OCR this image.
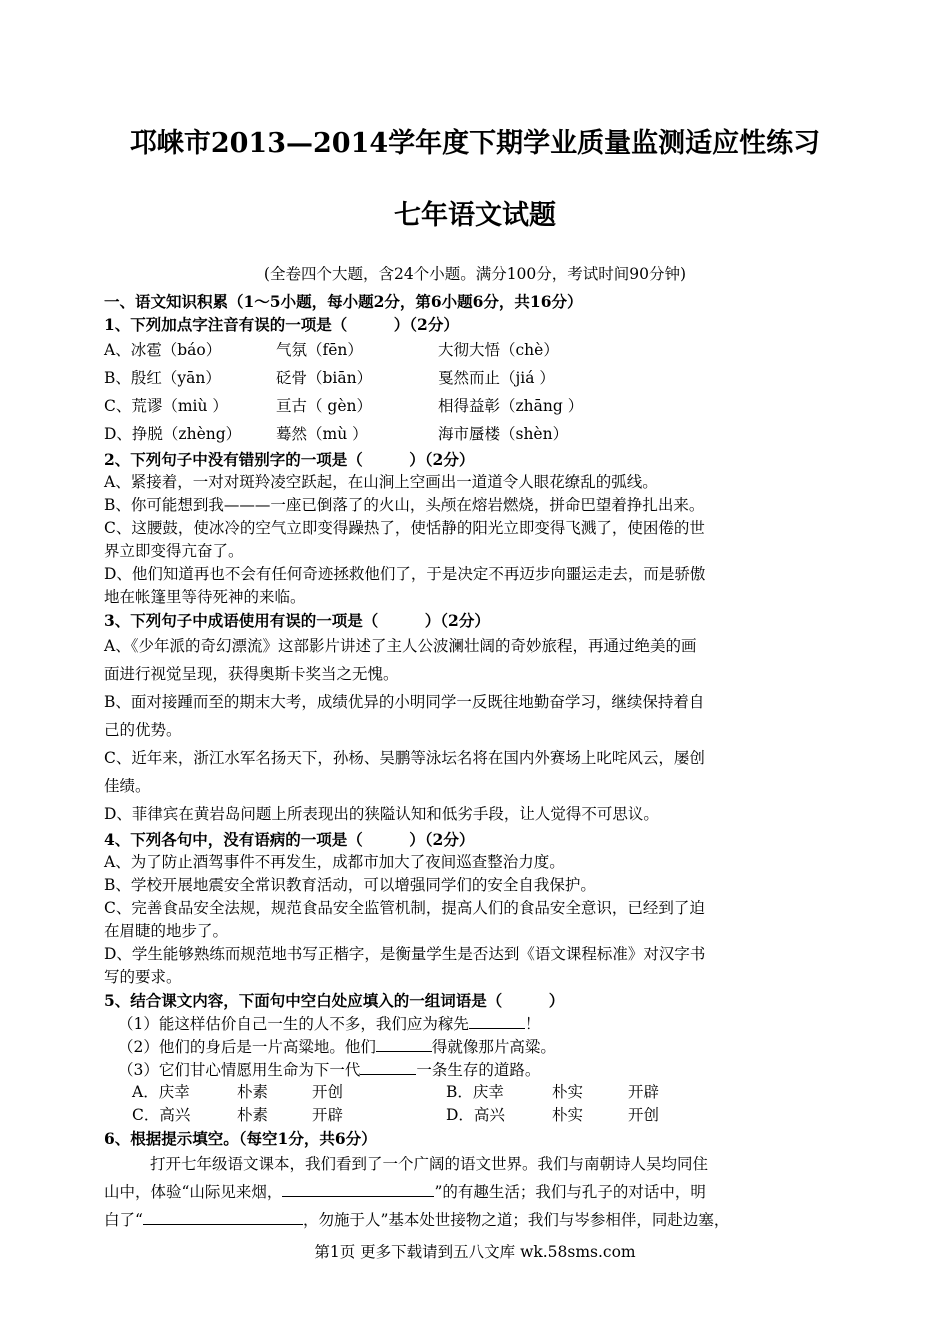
邛崃市2013—2014学年度下期学业质量监测适应性练习
七年语文试题
(全卷四个大题，含24个小题。满分100分，考试时间90分钟)
一、语文知识积累（1～5小题，每小题2分，第6小题6分，共16分）
1、下列加点字注音有误的一项是（　　　）（2分）
A、冰雹（báo）	气氛（fēn）	大彻大悟（chè）
B、殷红（yān）	砭骨（biān）	戛然而止（jiá ）
C、荒谬（miù ）	亘古（ gèn）	相得益彰（zhāng ）
D、挣脱（zhèng）	蓦然（mù ）	海市蜃楼（shèn）
2、下列句子中没有错别字的一项是（　　　）（2分）
A、紧接着，一对对斑羚凌空跃起，在山涧上空画出一道道令人眼花缭乱的弧线。
B、你可能想到我———一座已倒落了的火山，头颅在熔岩燃烧，拼命巴望着挣扎出来。
C、这腰鼓，使冰冷的空气立即变得躁热了，使恬静的阳光立即变得飞溅了，使困倦的世
界立即变得亢奋了。
D、他们知道再也不会有任何奇迹拯救他们了，于是决定不再迈步向噩运走去，而是骄傲
地在帐篷里等待死神的来临。
3、下列句子中成语使用有误的一项是（　　　）（2分）
A、《少年派的奇幻漂流》这部影片讲述了主人公波澜壮阔的奇妙旅程，再通过绝美的画
面进行视觉呈现，获得奥斯卡奖当之无愧。
B、面对接踵而至的期末大考，成绩优异的小明同学一反既往地勤奋学习，继续保持着自
己的优势。
C、近年来，浙江水军名扬天下，孙杨、吴鹏等泳坛名将在国内外赛场上叱咤风云，屡创
佳绩。
D、菲律宾在黄岩岛问题上所表现出的狭隘认知和低劣手段，让人觉得不可思议。
4、下列各句中，没有语病的一项是（　　　）（2分）
A、为了防止酒驾事件不再发生，成都市加大了夜间巡查整治力度。
B、学校开展地震安全常识教育活动，可以增强同学们的安全自我保护。
C、完善食品安全法规，规范食品安全监管机制，提高人们的食品安全意识，已经到了迫
在眉睫的地步了。
D、学生能够熟练而规范地书写正楷字，是衡量学生是否达到《语文课程标准》对汉字书
写的要求。
5、结合课文内容，下面句中空白处应填入的一组词语是（　　　）
（1）能这样估价自己一生的人不多，我们应为稼先	！
（2）他们的身后是一片高粱地。他们	得就像那片高粱。
（3）它们甘心情愿用生命为下一代	一条生存的道路。
A．庆幸	朴素	开创	B．庆幸	朴实	开辟
C．高兴	朴素	开辟	D．高兴	朴实	开创
6、根据提示填空。（每空1分，共6分）
打开七年级语文课本，我们看到了一个广阔的语文世界。我们与南朝诗人吴均同住
山中，体验“山际见来烟，	”的有趣生活；我们与孔子的对话中，明
白了“	，勿施于人”基本处世接物之道；我们与岑参相伴，同赴边塞，
第1页 更多下载请到五八文库 wk.58sms.com
